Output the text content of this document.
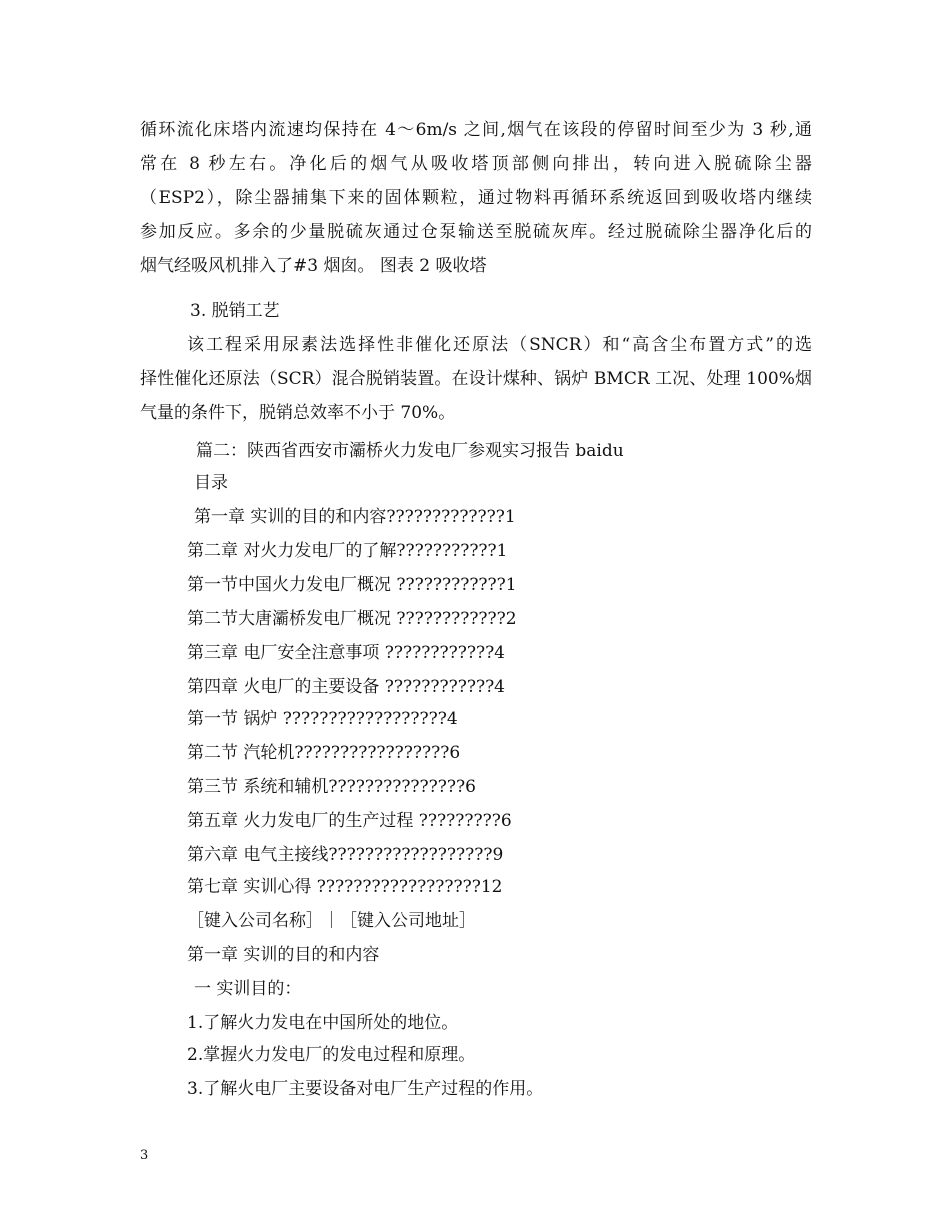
循环流化床塔内流速均保持在 4～6m/s 之间,烟气在该段的停留时间至少为 3 秒,通
常在 8 秒左右。净化后的烟气从吸收塔顶部侧向排出，转向进入脱硫除尘器
（ESP2），除尘器捕集下来的固体颗粒，通过物料再循环系统返回到吸收塔内继续
参加反应。多余的少量脱硫灰通过仓泵输送至脱硫灰库。经过脱硫除尘器净化后的
烟气经吸风机排入了#3 烟囱。 图表 2 吸收塔
3. 脱销工艺
该工程采用尿素法选择性非催化还原法（SNCR）和“高含尘布置方式”的选
择性催化还原法（SCR）混合脱销装置。在设计煤种、锅炉 BMCR 工况、处理 100%烟
气量的条件下，脱销总效率不小于 70%。
篇二：陕西省西安市灞桥火力发电厂参观实习报告 baidu
目录
第一章 实训的目的和内容?????????????1
第二章 对火力发电厂的了解???????????1
第一节中国火力发电厂概况 ????????????1
第二节大唐灞桥发电厂概况 ????????????2
第三章 电厂安全注意事项 ????????????4
第四章 火电厂的主要设备 ????????????4
第一节 锅炉 ??????????????????4
第二节 汽轮机?????????????????6
第三节 系统和辅机???????????????6
第五章 火力发电厂的生产过程 ?????????6
第六章 电气主接线??????????????????9
第七章 实训心得 ??????????????????12
［键入公司名称］｜［键入公司地址］
第一章 实训的目的和内容
一 实训目的：
1.了解火力发电在中国所处的地位。
2.掌握火力发电厂的发电过程和原理。
3.了解火电厂主要设备对电厂生产过程的作用。
3
